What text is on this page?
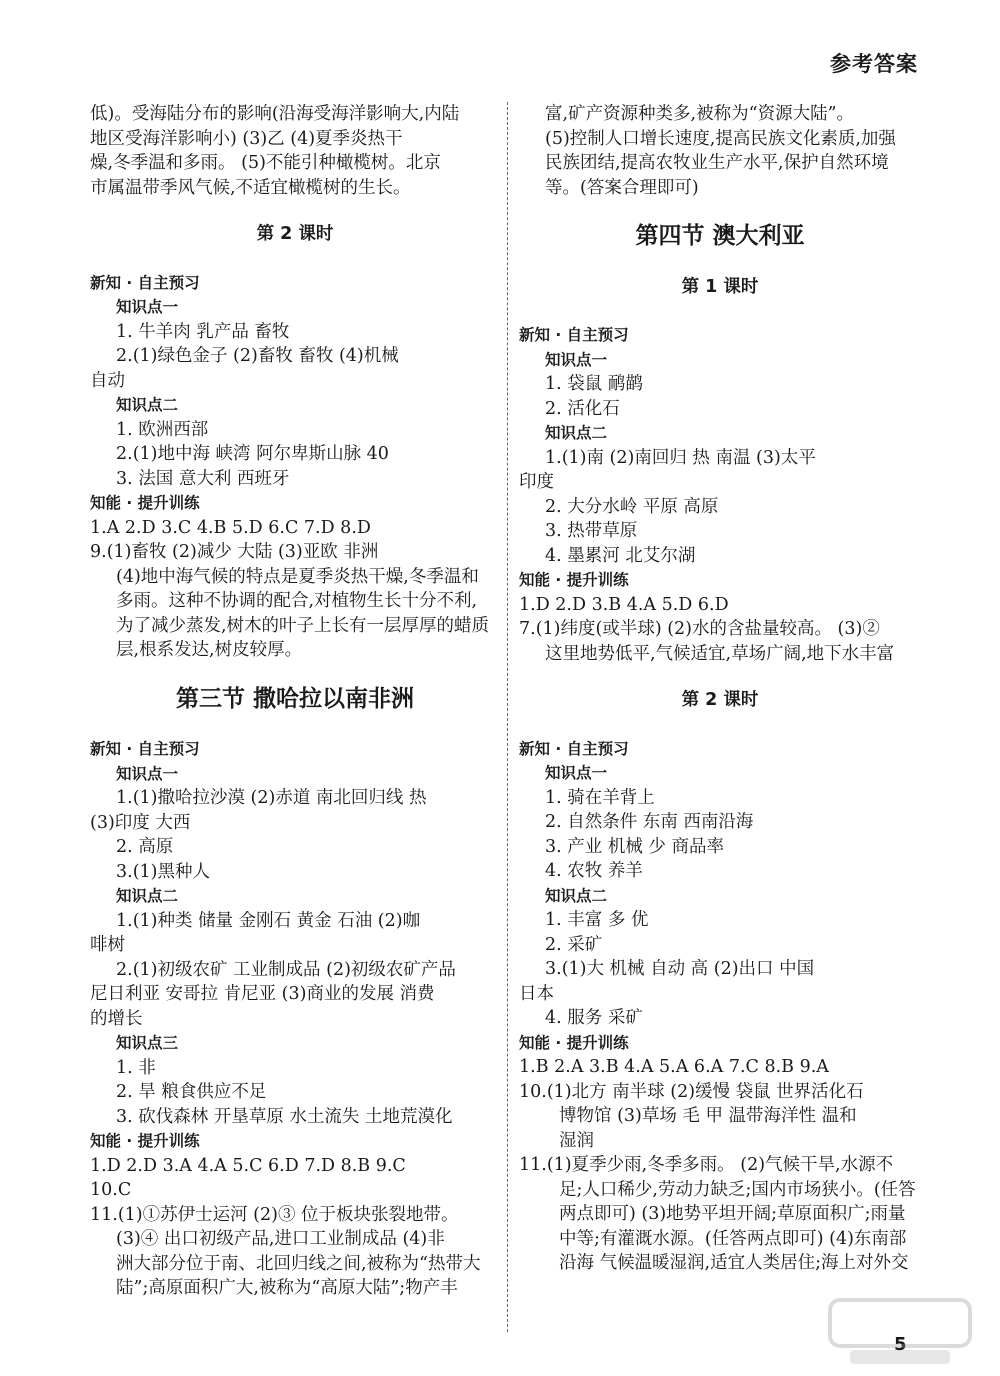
参考答案
低)。受海陆分布的影响(沿海受海洋影响大,内陆
地区受海洋影响小) (3)乙 (4)夏季炎热干
燥,冬季温和多雨。 (5)不能引种橄榄树。北京
市属温带季风气候,不适宜橄榄树的生长。
第 2 课时
新知 · 自主预习
知识点一
1. 牛羊肉 乳产品 畜牧
2.(1)绿色金子 (2)畜牧 畜牧 (4)机械
自动
知识点二
1. 欧洲西部
2.(1)地中海 峡湾 阿尔卑斯山脉 40
3. 法国 意大利 西班牙
知能 · 提升训练
1.A 2.D 3.C 4.B 5.D 6.C 7.D 8.D
9.(1)畜牧 (2)减少 大陆 (3)亚欧 非洲
(4)地中海气候的特点是夏季炎热干燥,冬季温和
多雨。这种不协调的配合,对植物生长十分不利,
为了减少蒸发,树木的叶子上长有一层厚厚的蜡质
层,根系发达,树皮较厚。
第三节 撒哈拉以南非洲
新知 · 自主预习
知识点一
1.(1)撒哈拉沙漠 (2)赤道 南北回归线 热
(3)印度 大西
2. 高原
3.(1)黑种人
知识点二
1.(1)种类 储量 金刚石 黄金 石油 (2)咖
啡树
2.(1)初级农矿 工业制成品 (2)初级农矿产品
尼日利亚 安哥拉 肯尼亚 (3)商业的发展 消费
的增长
知识点三
1. 非
2. 旱 粮食供应不足
3. 砍伐森林 开垦草原 水土流失 土地荒漠化
知能 · 提升训练
1.D 2.D 3.A 4.A 5.C 6.D 7.D 8.B 9.C
10.C
11.(1)①苏伊士运河 (2)③ 位于板块张裂地带。
(3)④ 出口初级产品,进口工业制成品 (4)非
洲大部分位于南、北回归线之间,被称为“热带大
陆”;高原面积广大,被称为“高原大陆”;物产丰
富,矿产资源种类多,被称为“资源大陆”。
(5)控制人口增长速度,提高民族文化素质,加强
民族团结,提高农牧业生产水平,保护自然环境
等。(答案合理即可)
第四节 澳大利亚
第 1 课时
新知 · 自主预习
知识点一
1. 袋鼠 鸸鹋
2. 活化石
知识点二
1.(1)南 (2)南回归 热 南温 (3)太平
印度
2. 大分水岭 平原 高原
3. 热带草原
4. 墨累河 北艾尔湖
知能 · 提升训练
1.D 2.D 3.B 4.A 5.D 6.D
7.(1)纬度(或半球) (2)水的含盐量较高。 (3)②
这里地势低平,气候适宜,草场广阔,地下水丰富
第 2 课时
新知 · 自主预习
知识点一
1. 骑在羊背上
2. 自然条件 东南 西南沿海
3. 产业 机械 少 商品率
4. 农牧 养羊
知识点二
1. 丰富 多 优
2. 采矿
3.(1)大 机械 自动 高 (2)出口 中国
日本
4. 服务 采矿
知能 · 提升训练
1.B 2.A 3.B 4.A 5.A 6.A 7.C 8.B 9.A
10.(1)北方 南半球 (2)缓慢 袋鼠 世界活化石
博物馆 (3)草场 毛 甲 温带海洋性 温和
湿润
11.(1)夏季少雨,冬季多雨。 (2)气候干旱,水源不
足;人口稀少,劳动力缺乏;国内市场狭小。(任答
两点即可) (3)地势平坦开阔;草原面积广;雨量
中等;有灌溉水源。(任答两点即可) (4)东南部
沿海 气候温暖湿润,适宜人类居住;海上对外交
5
